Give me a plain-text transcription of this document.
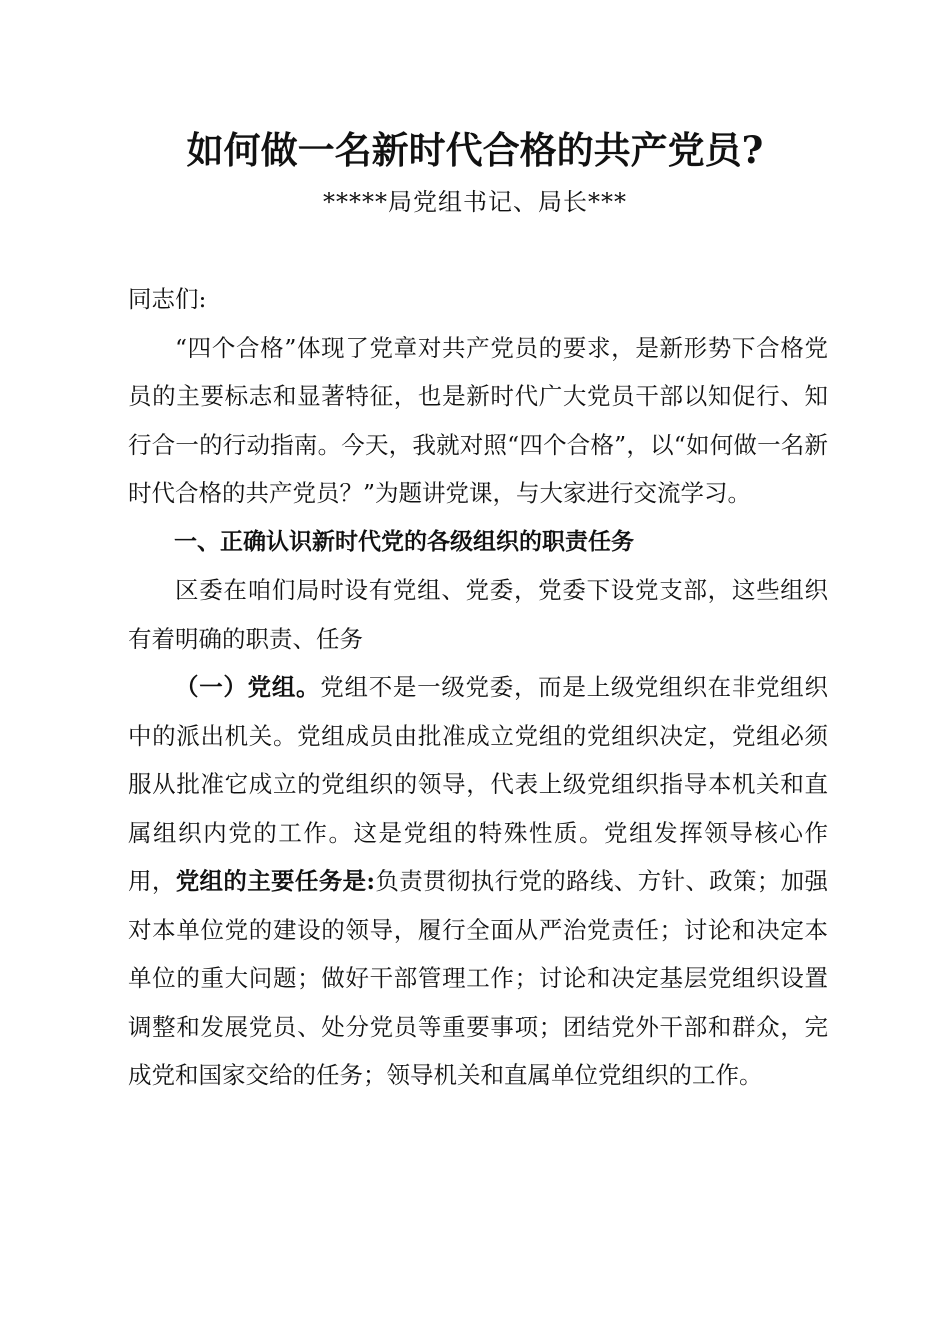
如何做一名新时代合格的共产党员?
*****局党组书记、局长***

同志们:

“四个合格”体现了党章对共产党员的要求，是新形势下合格党员的主要标志和显著特征，也是新时代广大党员干部以知促行、知行合一的行动指南。今天，我就对照“四个合格”，以“如何做一名新时代合格的共产党员？”为题讲党课，与大家进行交流学习。

一、正确认识新时代党的各级组织的职责任务

区委在咱们局时设有党组、党委，党委下设党支部，这些组织有着明确的职责、任务

（一）党组。党组不是一级党委，而是上级党组织在非党组织中的派出机关。党组成员由批准成立党组的党组织决定，党组必须服从批准它成立的党组织的领导，代表上级党组织指导本机关和直属组织内党的工作。这是党组的特殊性质。党组发挥领导核心作用，党组的主要任务是:负责贯彻执行党的路线、方针、政策；加强对本单位党的建设的领导，履行全面从严治党责任；讨论和决定本单位的重大问题；做好干部管理工作；讨论和决定基层党组织设置调整和发展党员、处分党员等重要事项；团结党外干部和群众，完成党和国家交给的任务；领导机关和直属单位党组织的工作。
